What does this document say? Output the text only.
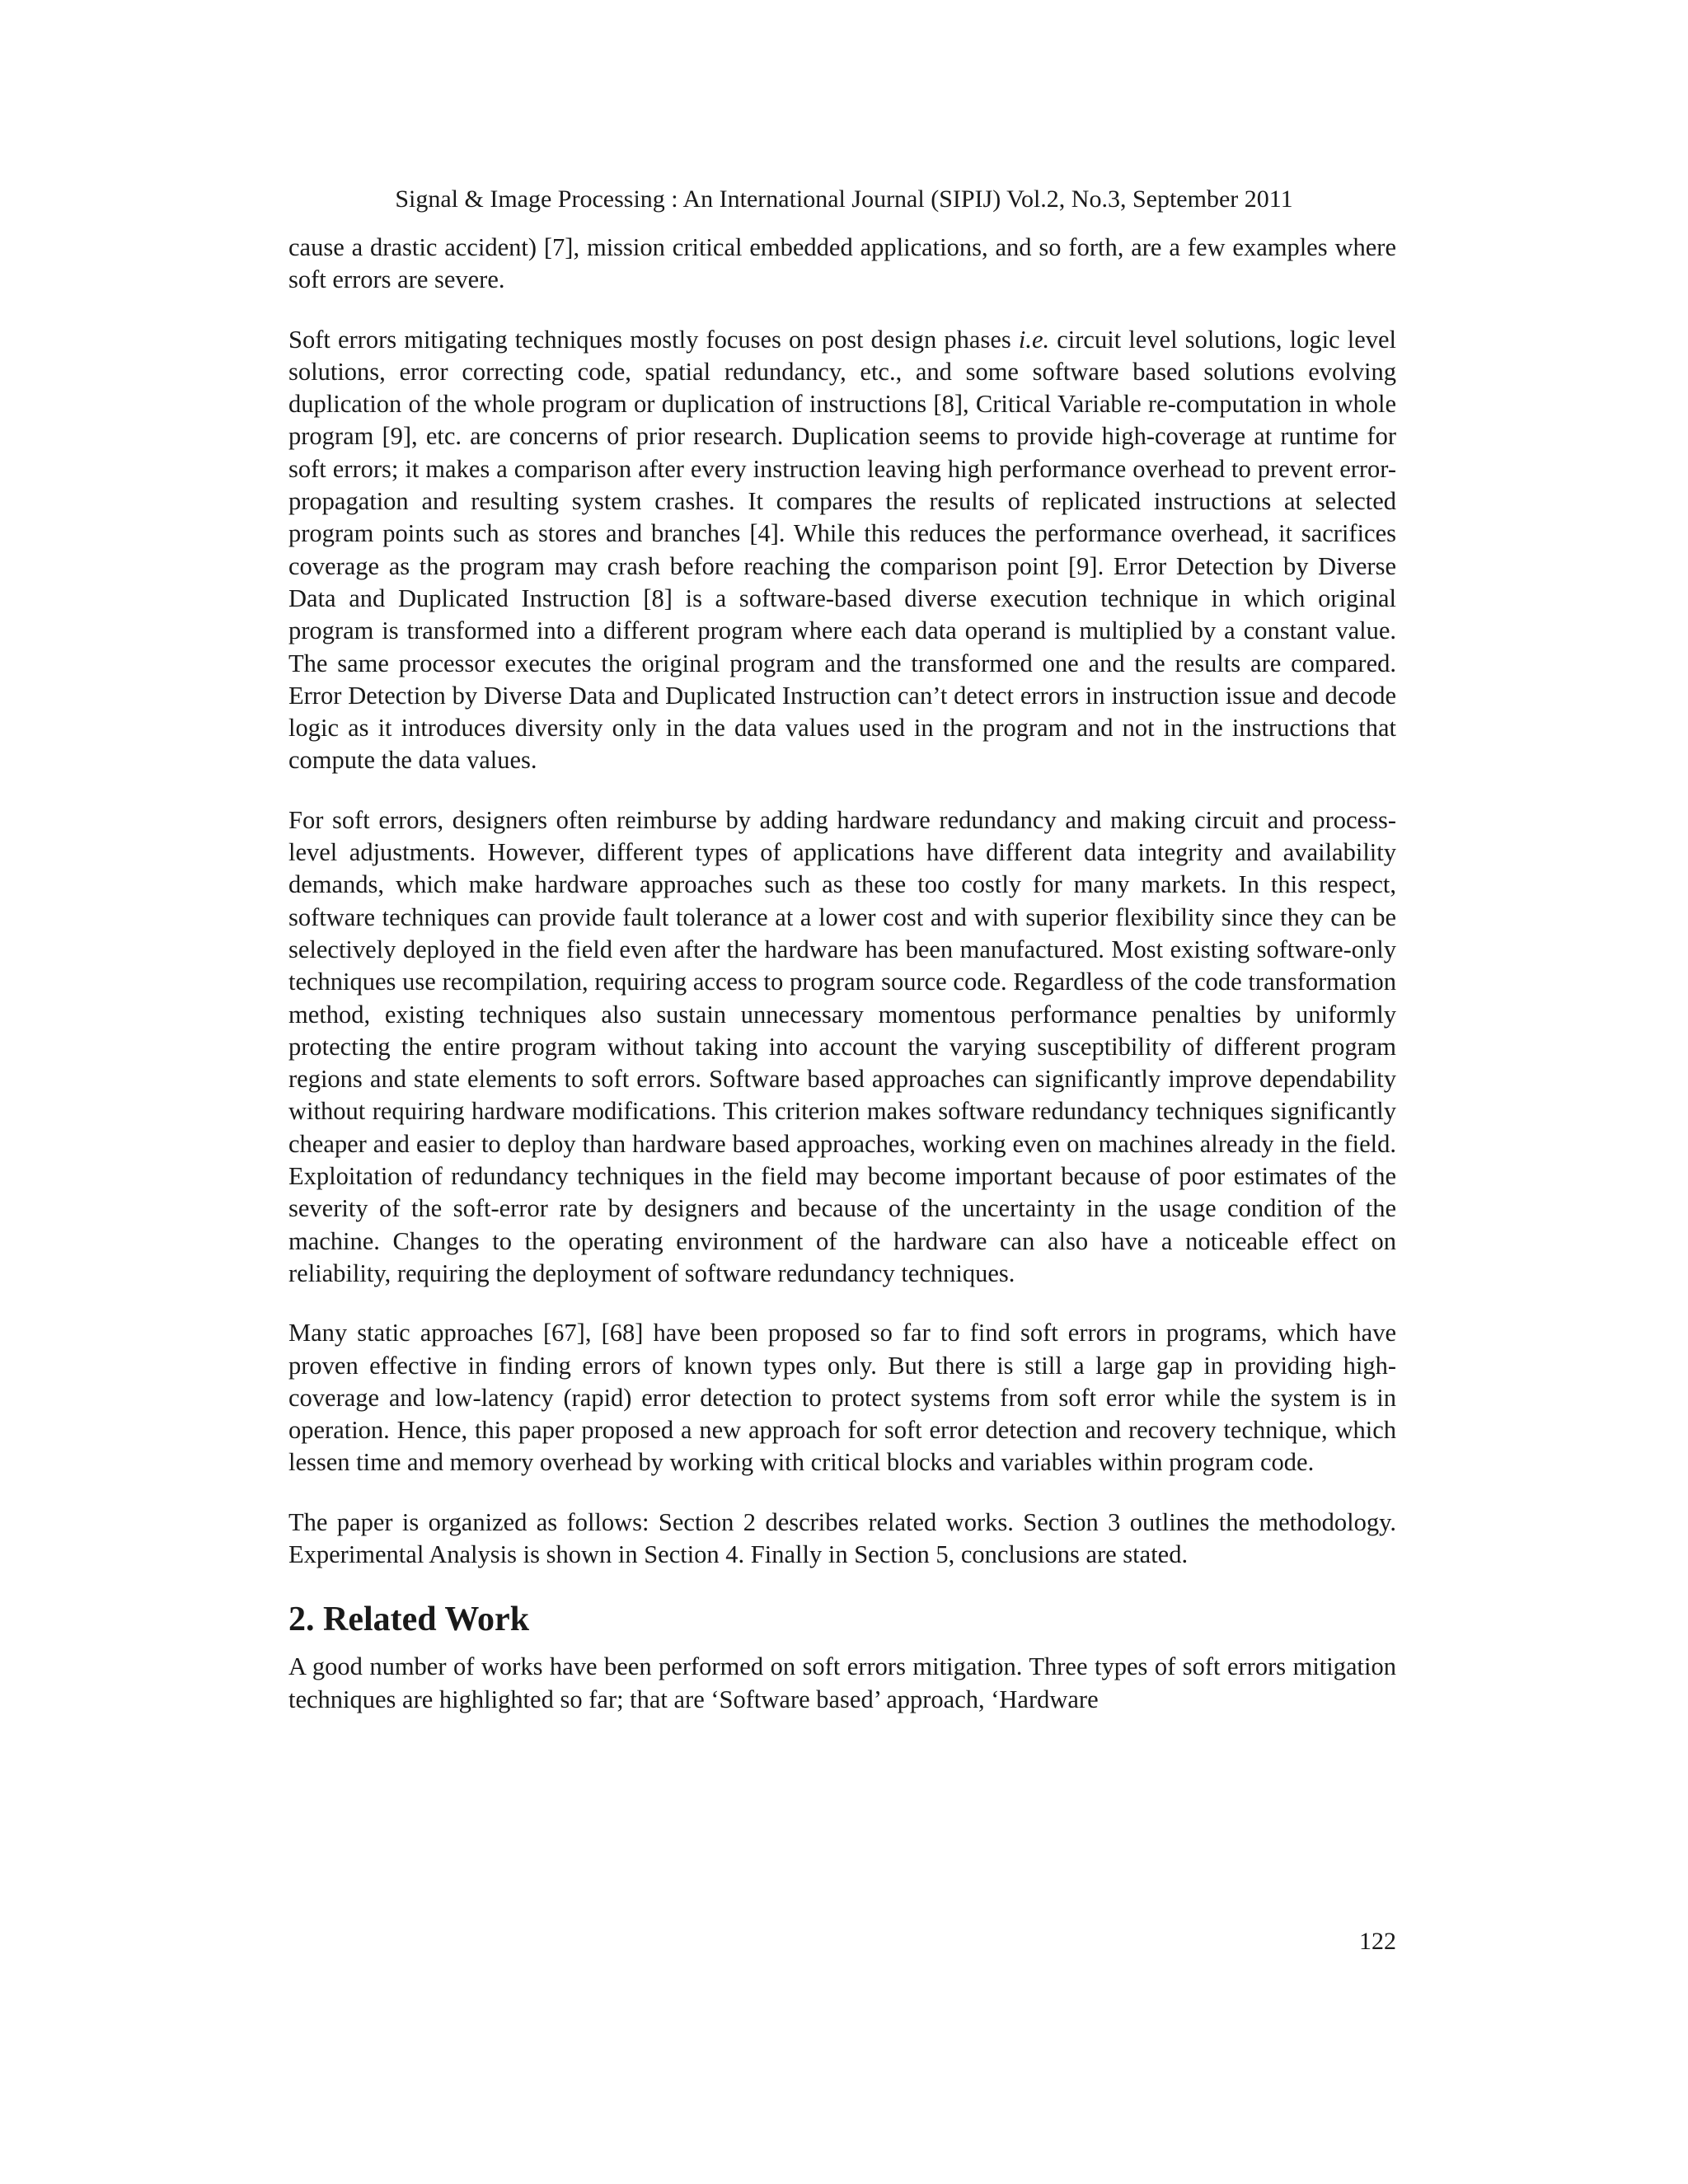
Signal & Image Processing : An International Journal (SIPIJ) Vol.2, No.3, September 2011

cause a drastic accident) [7], mission critical embedded applications, and so forth, are a few examples where soft errors are severe.

Soft errors mitigating techniques mostly focuses on post design phases i.e. circuit level solutions, logic level solutions, error correcting code, spatial redundancy, etc., and some software based solutions evolving duplication of the whole program or duplication of instructions [8], Critical Variable re-computation in whole program [9], etc. are concerns of prior research. Duplication seems to provide high-coverage at runtime for soft errors; it makes a comparison after every instruction leaving high performance overhead to prevent error-propagation and resulting system crashes. It compares the results of replicated instructions at selected program points such as stores and branches [4]. While this reduces the performance overhead, it sacrifices coverage as the program may crash before reaching the comparison point [9]. Error Detection by Diverse Data and Duplicated Instruction [8] is a software-based diverse execution technique in which original program is transformed into a different program where each data operand is multiplied by a constant value. The same processor executes the original program and the transformed one and the results are compared. Error Detection by Diverse Data and Duplicated Instruction can’t detect errors in instruction issue and decode logic as it introduces diversity only in the data values used in the program and not in the instructions that compute the data values.

For soft errors, designers often reimburse by adding hardware redundancy and making circuit and process-level adjustments. However, different types of applications have different data integrity and availability demands, which make hardware approaches such as these too costly for many markets. In this respect, software techniques can provide fault tolerance at a lower cost and with superior flexibility since they can be selectively deployed in the field even after the hardware has been manufactured. Most existing software-only techniques use recompilation, requiring access to program source code. Regardless of the code transformation method, existing techniques also sustain unnecessary momentous performance penalties by uniformly protecting the entire program without taking into account the varying susceptibility of different program regions and state elements to soft errors. Software based approaches can significantly improve dependability without requiring hardware modifications. This criterion makes software redundancy techniques significantly cheaper and easier to deploy than hardware based approaches, working even on machines already in the field. Exploitation of redundancy techniques in the field may become important because of poor estimates of the severity of the soft-error rate by designers and because of the uncertainty in the usage condition of the machine. Changes to the operating environment of the hardware can also have a noticeable effect on reliability, requiring the deployment of software redundancy techniques.

Many static approaches [67], [68] have been proposed so far to find soft errors in programs, which have proven effective in finding errors of known types only. But there is still a large gap in providing high-coverage and low-latency (rapid) error detection to protect systems from soft error while the system is in operation. Hence, this paper proposed a new approach for soft error detection and recovery technique, which lessen time and memory overhead by working with critical blocks and variables within program code.

The paper is organized as follows: Section 2 describes related works. Section 3 outlines the methodology. Experimental Analysis is shown in Section 4. Finally in Section 5, conclusions are stated.

2. Related Work

A good number of works have been performed on soft errors mitigation. Three types of soft errors mitigation techniques are highlighted so far; that are ‘Software based’ approach, ‘Hardware

122
